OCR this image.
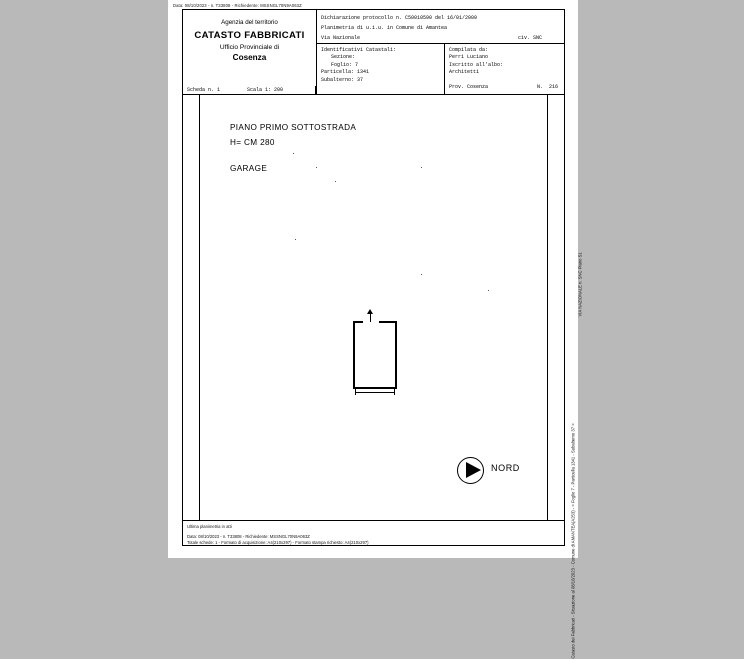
Data: 08/10/2023 - n. T33808 - Richiedente: MSSNGL70N9A063Z
Agenzia del territorio
CATASTO FABBRICATI
Ufficio Provinciale di
Cosenza
Dichiarazione protocollo n. C50010590 del 16/01/2009
Planimetria di u.i.u. in Comune di Amantea
Via Nazionale	civ. SNC
Identificativi Catastali:
Sezione:
Foglio: 7
Particella: 1341
Subalterno: 37
Compilata da:
Perri Luciano
Iscritto all'albo:
Architetti
Prov. Cosenza	N. 216
Scheda n. 1	Scala 1: 200
PIANO PRIMO SOTTOSTRADA
H= CM 280
GARAGE
NORD
Ultima planimetria in atti
Data: 08/10/2023 - n. T33808 - Richiedente: MSSNGL70N9A063Z
Totale schede: 1 - Formato di acquisizione: A4(210x297) - Formato stampa richiesto: A4(210x297)	Catasto dei Fabbricati - Situazione al 08/10/2023 - Comune di AMANTEA(A253) - < Foglio 7 - Particella 1341 - Subalterno 37 >
VIA NAZIONALE n. SNC Piano S1
